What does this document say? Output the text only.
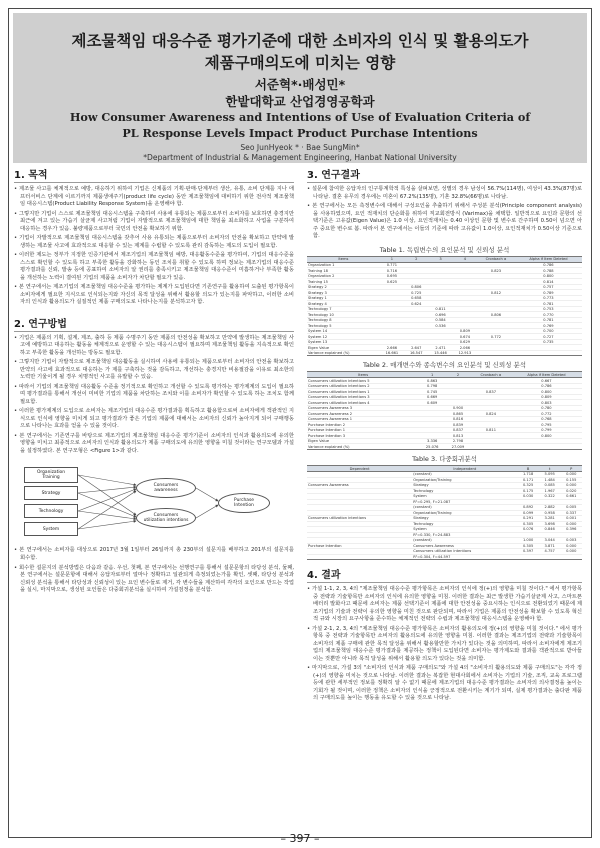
제조물책임 대응수준 평가기준에 대한 소비자의 인식 및 활용의도가
제품구매의도에 미치는 영향
서준혁*·배성민*
한밭대학교 산업경영공학과
How Consumer Awareness and Intentions of Use of Evaluation Criteria of
PL Response Levels Impact Product Purchase Intentions
Seo JunHyeok * · Bae SungMin*
*Department of Industrial & Management Engineering, Hanbat National University
1. 목적

• 제조물 사고를 체계적으로 예방, 대응하기 위하여 기업은 신제품의 기획·판매·단계부터 생산, 유통, 소비 단계를 지나 애프터서비스 단계에 이르기까지 제품생애주기(product life cycle) 동안 제조물책임에 대비하기 위한 전사적 제조물책임 대응시스템(Product Liability Response System)을 운영해야 함.

• 그렇지만 기업이 스스로 제조물책임 대응시스템을 구축하여 사용에 유통되는 제품으로부터 소비자를 보호하면 충경지만 최근에 겨고 있는 가습기 살균제 사고처럼 기업이 자발적으로 제조물책임에 대한 책임을 최소화하고 사업을 구분하여 대응하는 경우가 있음. 불량제품으로부터 국민의 안전을 확보하기 위함.

• 기업이 자발적으로 제조물책임 대응시스템을 갖추어 사용 유통되는 제품으로부터 소비자의 안전을 확보하고 만약에 발생하는 제조물 사고에 효과적으로 대응할 수 있는 제계를 수립할 수 있도록 관리 감독하는 제도의 도입이 필요함.

• 이러한 제도는 정부가 지정한 인증기관에서 제조기업의 제조물책임 예방, 대응활동수준을 평가하여, 기업의 대응수준을 스스로 확인할 수 있도록 하고 부족한 활동을 강화하는 동인 조치를 취할 수 있도록 하며 정보는 제조기업의 대응수준 평가결과를 신뢰, 발송 등에 공표하여 소비자의 알 권리를 충족시키고 제조물책임 대응수준이 미흡하거나 부족한 활동을 개선하는 노력이 결여된 기업의 제품을 소비자가 차단할 필요가 있음.

• 본 연구에서는 제조기업의 제조물책임 대응수준을 평가하는 제계가 도입된다면 기존연구를 활용하여 도출된 평가항목이 소비자에게 필요한 지식으로 인식되는지와 자신의 목적 달성을 위해서 활용할 의도가 있는지를 파악하고, 이러한 소비자의 인식과 활용의도가 실질적인 제품 구매의도로 나타나는지를 분석하고자 함.

2. 연구방법

• 기업은 제품의 기획, 설계, 제조, 출하 등 제품 수명주기 동안 제품의 안전성을 확보하고 만약에 발생하는 제조물책임 사고에 예방하고 대응하는 활동을 체계적으로 운영할 수 있는 대응시스템이 필요하며 제조물책임 활동을 지속적으로 확인하고 부족한 활동을 개선하는 방동도 필요함.

• 그렇지만 기업이 자발적으로 제조물책임 대응활동을 실시하여 사용에 유통되는 제품으로부터 소비자의 안전을 확보하고 만약의 사고에 효과적으로 대응하는 가 제를 구축하는 것을 감독하고, 개선하는 충경지만 비용절감을 이유로 최소한의 노력만 기울이게 될 경우 치명적인 사고를 유발할 수 있음.

• 따라서 기업의 제조물책임 대응활동 수준을 정기적으로 확인하고 개선할 수 있도록 평가하는 평가제계의 도입이 필요하며 평가결과를 통해서 개선이 미비한 기업의 제품을 차단하는 조치와 이를 소비자가 확인할 수 있도록 하는 조치도 함께 필요함.

• 이러한 평가제계의 도입으로 소비자는 제조기업의 대응수준 평가결과를 획득하고 활용함으로써 소비자에게 객관적인 지식으로 인식에 영향을 미치게 되고 평가결과가 좋은 기업의 제품에 대해서는 소비자의 신뢰가 높아지게 되어 구매행동으로 나타나는 효과를 얻을 수 있을 것이다.

• 본 연구에서는 기존연구를 바탕으로 제조기업의 제조물책임 대응수준 평가기준이 소비자의 인식과 활용의도에 유의한 영향을 미치고 최종적으로 소비자의 인식과 활용의도가 제품 구매의도에 유의한 영향을 미칠 것이라는 연구모델과 가설을 설정하였다. 본 연구모형은 <Figure 1>과 같다.

Organization
Training
Strategy
Technology
System
Consumers
awareness
Consumers
utilization intentions
Purchase
Intention

• 본 연구에서는 소비자를 대상으로 2017년 3월 1일부터 26일까지 총 230부의 설문지를 배부하고 201부의 설문지를 회수함.

• 회수한 설문지의 분석방법은 다음과 같음. 우선, 첫째, 본 연구에서는 선행연구를 통해서 설문문항의 타당성 분석, 둘째, 본 연구에서는 설문문항에 대해서 응답자로부터 얼마나 정확하고 일관되게 측정되었는가를 확인, 셋째, 타당성 분석과 신뢰성 분석을 통해서 타당성과 신뢰성이 있는 요인 변수들로 제거, 각 변수들을 계산하여 각각의 요인으로 만드는 작업을 실시, 마지막으로, 생성된 요인들은 다중회귀분석을 실시하여 가설검정을 분석함.

3. 연구결과

• 설문에 참여한 응답자의 인구통계학적 특성을 살펴보면, 성별의 경우 남성이 56.7%(114명), 여성이 43.3%(87명)로 나타남. 결혼 유무의 경우에는 미혼이 67.2%(135명), 기혼 32.8%(66명)로 나타남.

• 본 연구에서는 모든 측정변수에 대해서 구성요인을 추출하기 위해서 주성분 분석(Principle component analysis)을 사용하였으며, 요인 적재치의 단순화를 위하여 직교회전방식 (Varimax)을 채택함. 일반적으로 요인과 문항의 선택기준은 고유값(Eigen Value)은 1.0 이상, 요인적재치는 0.40 이상인 문항 및 변수로 간주하며 0.50이 넘으면 아주 중요한 변수로 봄. 따라서 본 연구에서는 이들의 기준에 따라 고유값이 1.0이상, 요인적재치가 0.50이상 기준으로 함.

Table 1. 독립변수의 요인분석 및 신뢰성 분석
Items	1	2	3	4	Cronbach α	Alpha if Item Deleted
Organization 1	0.771					0.786
Training 18	0.716				0.823	0.788
Organization 2	0.695					0.800
Training 15	0.625					0.814
Strategy 2		0.806				0.757
Strategy 3		0.725			0.812	0.789
Strategy 1		0.658				0.773
Strategy 4		0.624				0.781
Technology 7			0.811			0.753
Technology 10			0.696		0.806	0.770
Technology 8			0.584			0.781
Technology 5			0.536			0.769
System 14				0.809		0.700
System 12				0.674	0.772	0.727
System 13				0.629		0.735
Eigen Value	2.666	2.647	2.471	2.066		
Variance explained (%)	16.661	16.547	15.446	12.913		
Table 2. 매개변수와 종속변수의 요인분석 및 신뢰성 분석
Items	1	2	Cronbach α	Alpha if Item Deleted
Consumers utilization intentions 5	0.863			0.667
Consumers utilization intentions 2	0.798			0.786
Consumers utilization intentions 1	0.745		0.837	0.800
Consumers utilization intentions 3	0.669			0.809
Consumers utilization intentions 4	0.609			0.803
Consumers Awareness 3		0.900		0.780
Consumers Awareness 2		0.865	0.824	0.772
Consumers Awareness 1		0.816		0.768
Purchase Intention 2		0.839		0.795
Purchase Intention 1		0.837	0.811	0.799
Purchase Intention 3		0.813		0.800
Eigen Value	3.336	2.798		
Variance explained (%)	25.076	27.009		
Table 3. 다중회귀분석
Dependent	Independent	B	t	P
	(constant)	1.718	5.095	0.000
	Organization/Training	0.171	1.484	0.155
Consumers Awareness	Strategy	0.325	0.085	0.000
	Technology	0.175	1.967	0.020
	System	0.030	0.322	0.661
	R²=0.295, F=21.087			
	(constant)	0.892	2.882	0.005
	Organization/Training	0.099	0.958	0.337
Consumers utilization intentions	Strategy	0.291	3.281	0.001
	Technology	0.305	3.698	0.000
	System	0.076	0.846	0.396
	R²=0.330, F=24.883			
	(constant)	1.000	3.044	0.003
Purchase Intention	Consumers Awareness	0.305	3.871	0.000
	Consumers utilization intentions	0.397	4.757	0.000
	R²=0.304, F=44.597			
4. 결과

• 가설 1-1, 2, 3, 4의 "제조물책임 대응수준 평가항목은 소비자의 인식에 정(+)의 영향을 미칠 것이다." 에서 평가항목 중 전략과 기술항목만 소비자의 인식에 유의한 영향을 미침. 이러한 결과는 최근 발생한 가습기살균제 사고, 스마트폰 배터리 발화사고 때문에 소비자는 제품 선택기준이 제품에 대한 안전성을 중요시하는 인식으로 전환되었기 때문에 제조기업의 기술과 전략이 유의한 영향을 미친 것으로 판단되며, 따라서 기업은 제품의 안전성을 확보할 수 있도록 혁신적 규와 시장의 요구사항을 준수하는 체계적인 전략의 수립과 제조물책임 대응시스템을 운영해야 함.

• 가설 2-1, 2, 3, 4의 "제조물책임 대응수준 평가항목은 소비자의 활용의도에 정(+)의 영향을 미칠 것이다." 에서 평가항목 중 전략과 기술항목만 소비자의 활용의도에 유의한 영향을 미침. 이러한 결과는 제조기업의 전략과 기술항목이 소비자의 제품 구매에 관한 목적 달성을 위해서 활용할만한 가치가 있다는 것을 의미하며, 따라서 소비자에게 제조기업의 제조물책임 대응수준 평가결과를 제공하는 정책이 도입된다면 소비자는 평가제도와 결과를 객관적으로 받아들이는 것뿐만 아니라 목적 달성을 위해서 활용할 의도가 있다는 것을 의미함.

• 마지막으로, 가설 3의 "소비자의 인식과 제품 구매의도"와 가설 4의 "소비자의 활용의도와 제품 구매의도"는 각각 정(+)의 영향을 미치는 것으로 나타남. 이러한 결과는 복잡한 현대사회에서 소비자는 기업의 기술, 조직, 교육 프로그램 등에 관한 세부적인 정보를 정확히 알 수 없기 때문에 제조기업의 대응수준 평가결과는 소비자의 의사결정을 높이는 기회가 될 것이며, 이러한 정책은 소비자의 인식을 긍정적으로 전환시키는 계기가 되며, 실제 평가결과는 출다판 제품의 구매의도를 높이는 행동을 유도할 수 있을 것으로 나타남.

– 397 –
